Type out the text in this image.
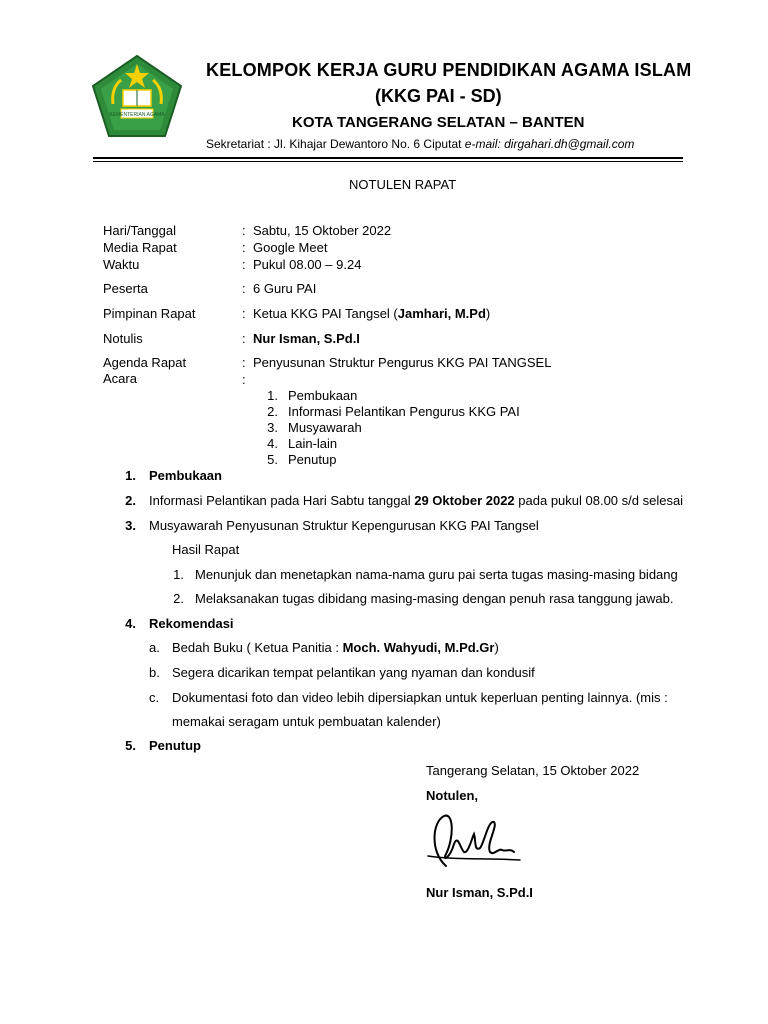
KEMENTERIAN AGAMA
KELOMPOK KERJA GURU PENDIDIKAN AGAMA ISLAM
(KKG PAI - SD)
KOTA TANGERANG SELATAN – BANTEN
Sekretariat : Jl. Kihajar Dewantoro No. 6 Ciputat e-mail: dirgahari.dh@gmail.com
NOTULEN RAPAT
Hari/Tanggal	: Sabtu, 15 Oktober 2022
Media Rapat	: Google Meet
Waktu	: Pukul 08.00 – 9.24
Peserta	: 6 Guru PAI
Pimpinan Rapat	: Ketua KKG PAI Tangsel (Jamhari, M.Pd)
Notulis	: Nur Isman, S.Pd.I
Agenda Rapat	: Penyusunan Struktur Pengurus KKG PAI TANGSEL
Acara	:
1. Pembukaan
2. Informasi Pelantikan Pengurus KKG PAI
3. Musyawarah
4. Lain-lain
5. Penutup
1. Pembukaan
2. Informasi Pelantikan pada Hari Sabtu tanggal 29 Oktober 2022 pada pukul 08.00 s/d selesai
3. Musyawarah Penyusunan Struktur Kepengurusan KKG PAI Tangsel
Hasil Rapat
1. Menunjuk dan menetapkan nama-nama guru pai serta tugas masing-masing bidang
2. Melaksanakan tugas dibidang masing-masing dengan penuh rasa tanggung jawab.
4. Rekomendasi
a. Bedah Buku ( Ketua Panitia : Moch. Wahyudi, M.Pd.Gr)
b. Segera dicarikan tempat pelantikan yang nyaman dan kondusif
c. Dokumentasi foto dan video lebih dipersiapkan untuk keperluan penting lainnya. (mis :
memakai seragam untuk pembuatan kalender)
5. Penutup
Tangerang Selatan, 15 Oktober 2022
Notulen,
Nur Isman, S.Pd.I
